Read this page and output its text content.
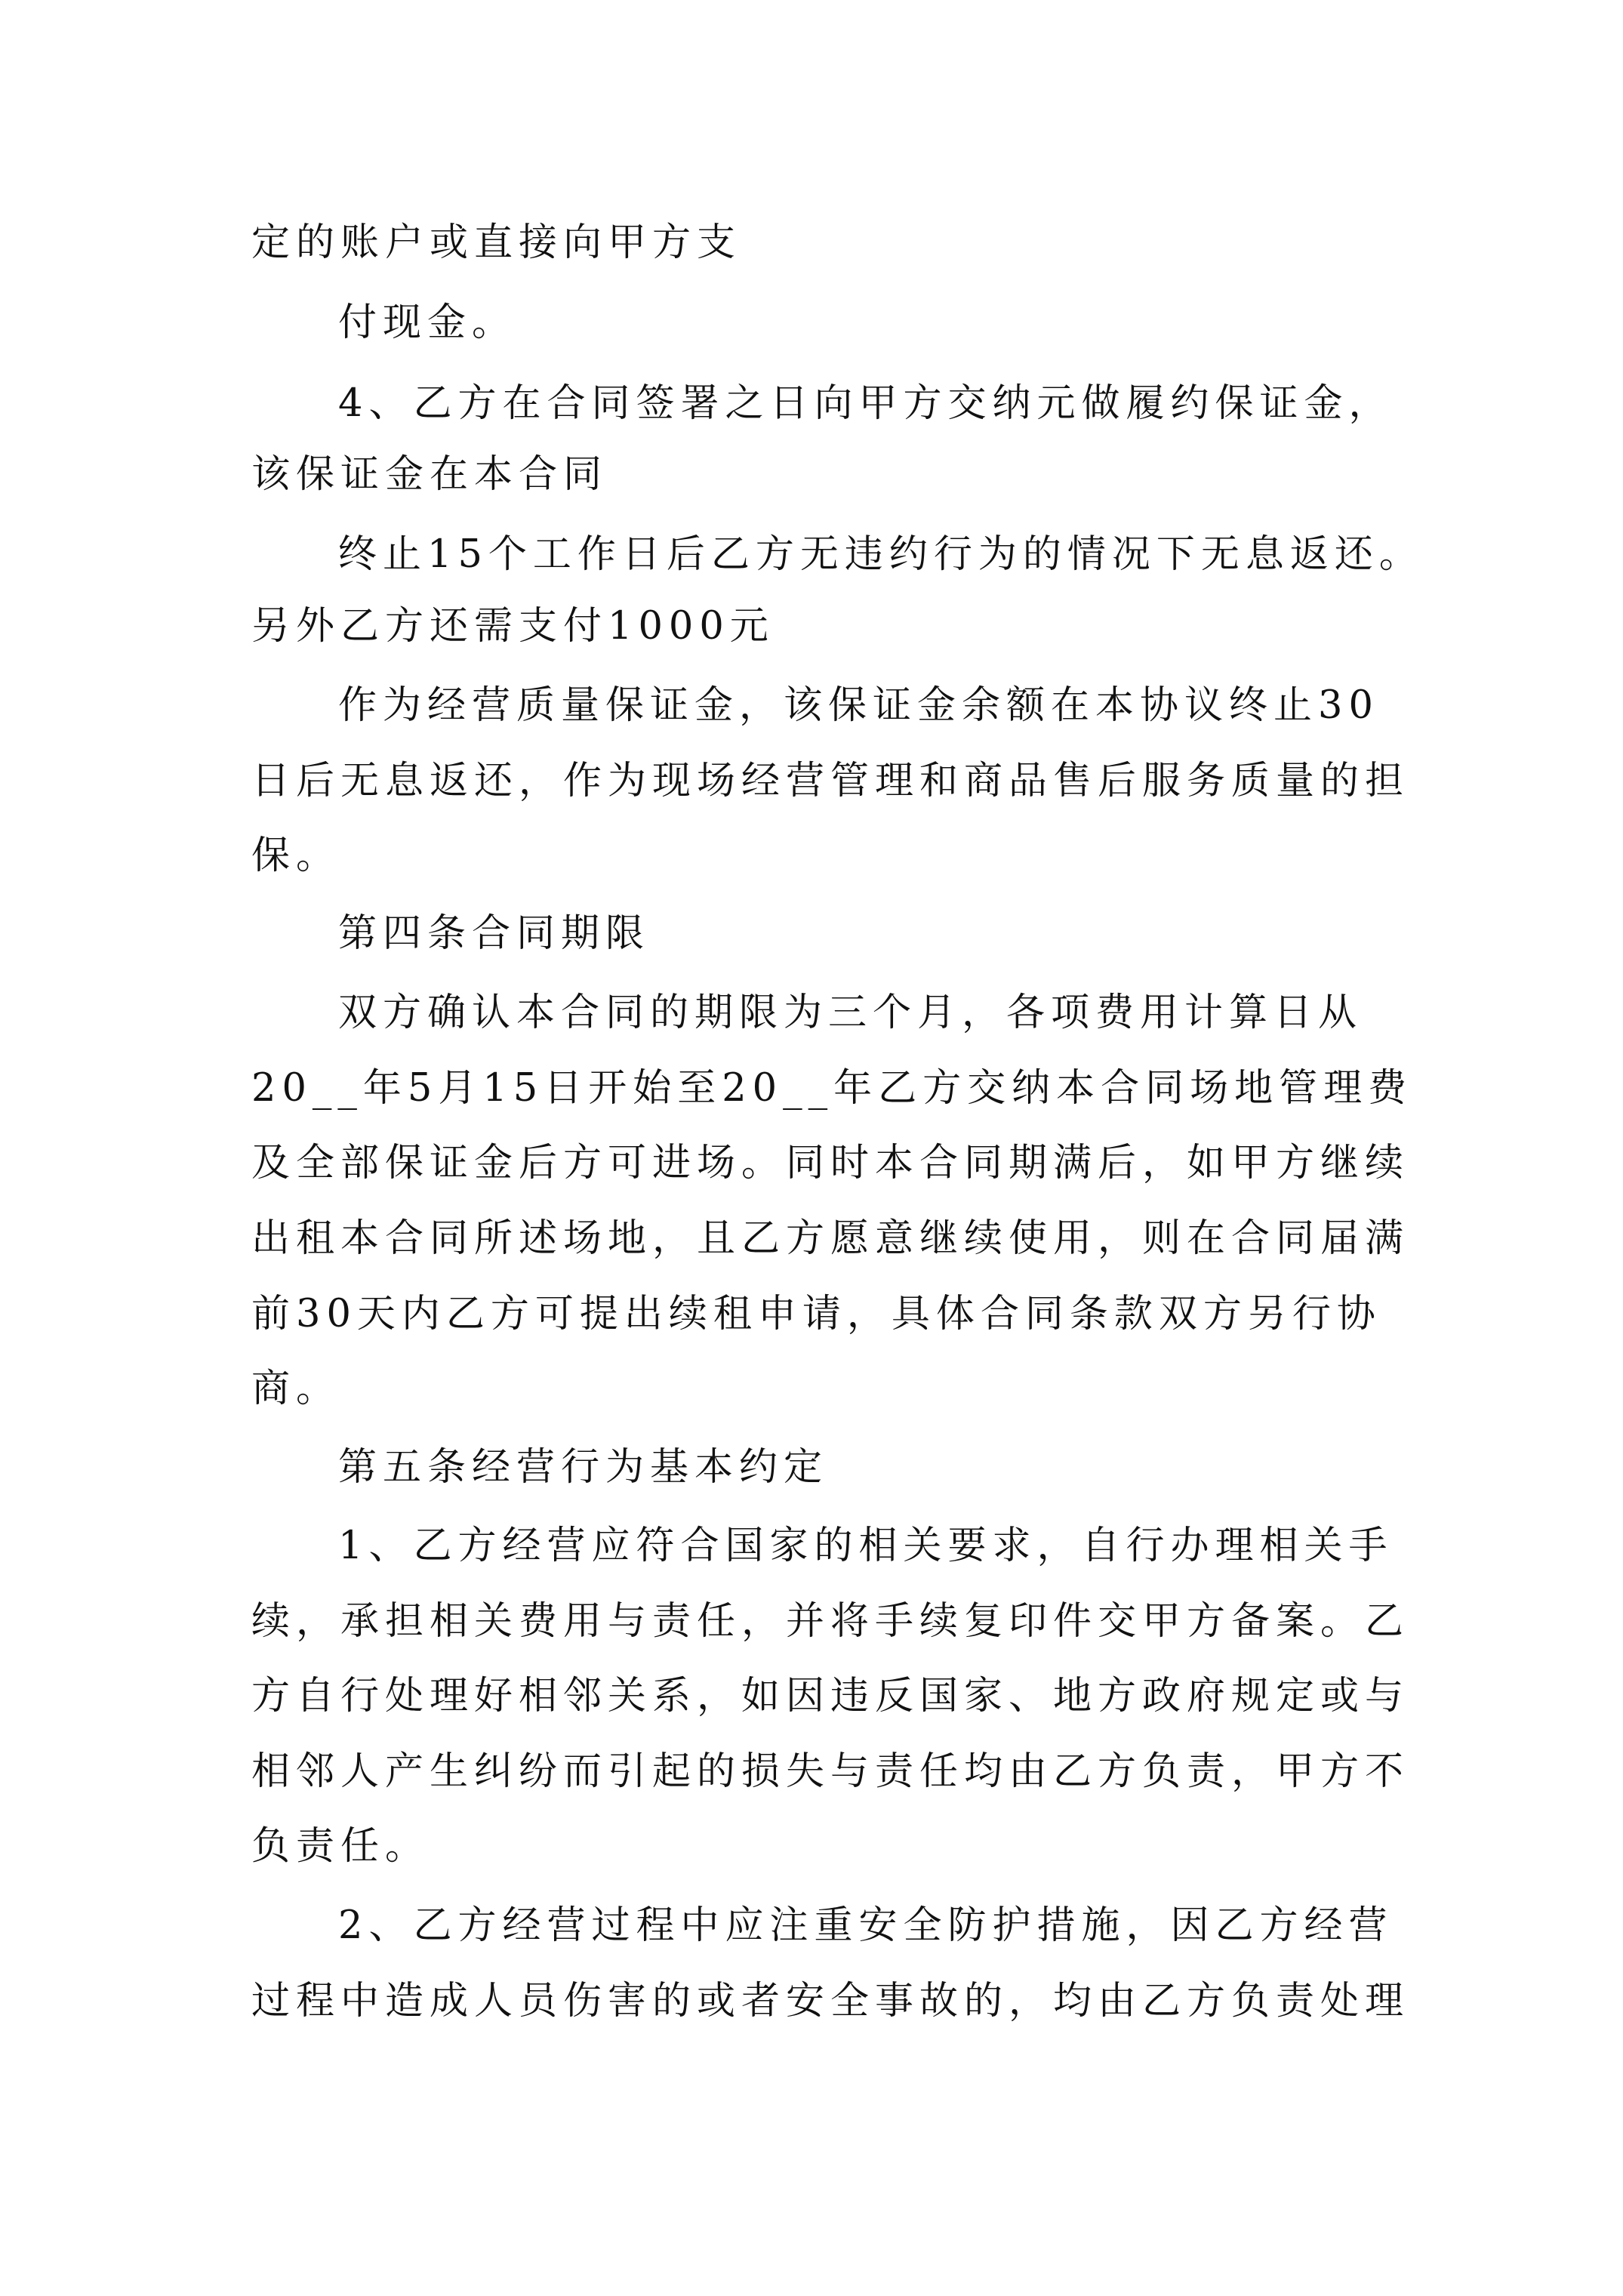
定的账户或直接向甲方支
付现金。
4、乙方在合同签署之日向甲方交纳元做履约保证金，
该保证金在本合同
终止15个工作日后乙方无违约行为的情况下无息返还。
另外乙方还需支付1000元
作为经营质量保证金，该保证金余额在本协议终止30
日后无息返还，作为现场经营管理和商品售后服务质量的担
保。
第四条合同期限
双方确认本合同的期限为三个月，各项费用计算日从
20__年5月15日开始至20__年乙方交纳本合同场地管理费
及全部保证金后方可进场。同时本合同期满后，如甲方继续
出租本合同所述场地，且乙方愿意继续使用，则在合同届满
前30天内乙方可提出续租申请，具体合同条款双方另行协
商。
第五条经营行为基本约定
1、乙方经营应符合国家的相关要求，自行办理相关手
续，承担相关费用与责任，并将手续复印件交甲方备案。乙
方自行处理好相邻关系，如因违反国家、地方政府规定或与
相邻人产生纠纷而引起的损失与责任均由乙方负责，甲方不
负责任。
2、乙方经营过程中应注重安全防护措施，因乙方经营
过程中造成人员伤害的或者安全事故的，均由乙方负责处理
